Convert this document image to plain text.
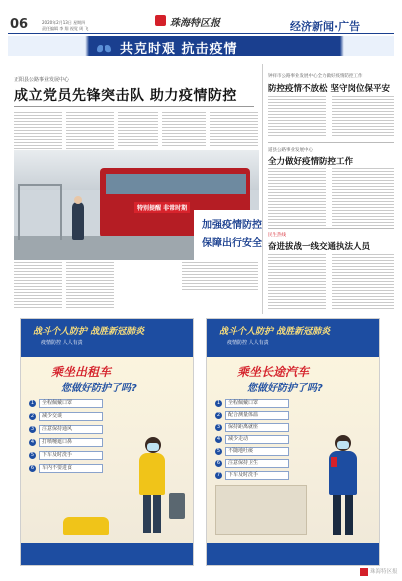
06	2020年2月13日 星期四
责任编辑 李 翔 视觉 周 飞	珠海特区报	经济新闻·广告
共克时艰 抗击疫情
正阳县公路事业发展中心
成立党员先锋突击队 助力疫情防控
特别提醒 非常时期
加强疫情防控
保障出行安全
钟祥市公路事业发展中心全力做好疫情防控工作
防控疫情不放松 坚守岗位保平安
道县公路事业发展中心
全力做好疫情防控工作
民生热线
奋进拔战一线交通执法人员
战斗个人防护 战胜新冠肺炎
疫情防控 人人有责
乘坐出租车
您做好防护了吗?
1 全程佩戴口罩
2 减少交谈
3 注意保持通风
4 打喷嚏遮口鼻
5 下车及时洗手
6 车内不要进食
战斗个人防护 战胜新冠肺炎
疫情防控 人人有责
乘坐长途汽车
您做好防护了吗?
1 全程佩戴口罩
2 配合测量体温
3 保持距离就座
4 减少走动
5 不随地吐痰
6 注意保持卫生
7 下车及时洗手
珠海特区报
